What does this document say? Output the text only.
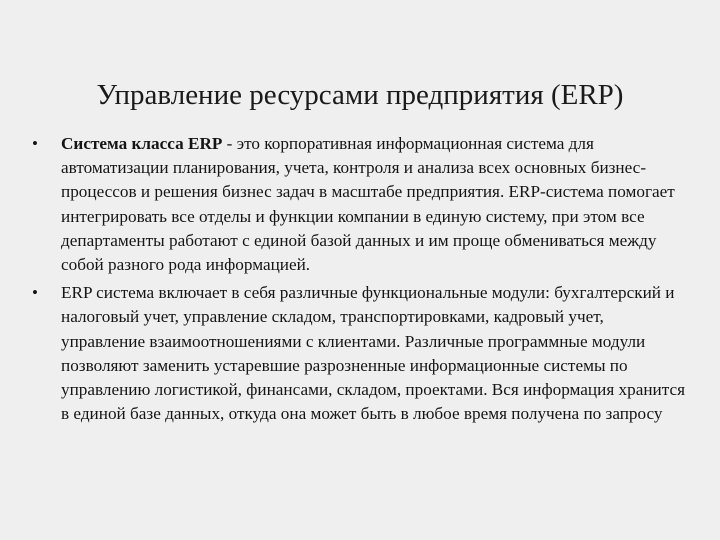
Управление ресурсами предприятия (ERP)
•	Система класса ERP - это корпоративная информационная система для автоматизации планирования, учета, контроля и анализа всех основных бизнес-процессов и решения бизнес задач в масштабе предприятия. ERP-система помогает интегрировать все отделы и функции компании в единую систему, при этом все департаменты работают с единой базой данных и им проще обмениваться между собой разного рода информацией.
•	ERP система включает в себя различные функциональные модули: бухгалтерский и налоговый учет, управление складом, транспортировками, кадровый учет, управление взаимоотношениями с клиентами. Различные программные модули позволяют заменить устаревшие разрозненные информационные системы по управлению логистикой, финансами, складом, проектами. Вся информация хранится в единой базе данных, откуда она может быть в любое время получена по запросу
